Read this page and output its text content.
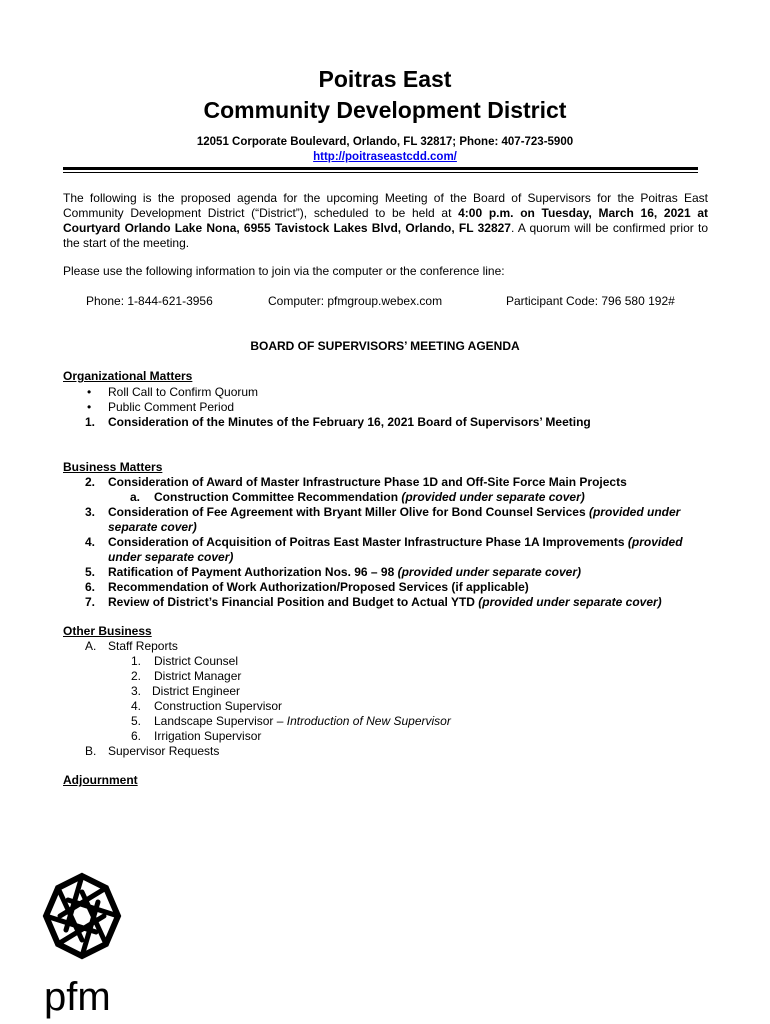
Poitras East
Community Development District
12051 Corporate Boulevard, Orlando, FL 32817; Phone: 407-723-5900
http://poitraseastcdd.com/
The following is the proposed agenda for the upcoming Meeting of the Board of Supervisors for the Poitras East Community Development District (“District”), scheduled to be held at 4:00 p.m. on Tuesday, March 16, 2021 at Courtyard Orlando Lake Nona, 6955 Tavistock Lakes Blvd, Orlando, FL 32827. A quorum will be confirmed prior to the start of the meeting.
Please use the following information to join via the computer or the conference line:
Phone: 1-844-621-3956	Computer: pfmgroup.webex.com	Participant Code: 796 580 192#
BOARD OF SUPERVISORS’ MEETING AGENDA
Organizational Matters
• Roll Call to Confirm Quorum
• Public Comment Period
1. Consideration of the Minutes of the February 16, 2021 Board of Supervisors’ Meeting
Business Matters
2. Consideration of Award of Master Infrastructure Phase 1D and Off-Site Force Main Projects
a. Construction Committee Recommendation (provided under separate cover)
3. Consideration of Fee Agreement with Bryant Miller Olive for Bond Counsel Services (provided under
separate cover)
4. Consideration of Acquisition of Poitras East Master Infrastructure Phase 1A Improvements (provided
under separate cover)
5. Ratification of Payment Authorization Nos. 96 – 98 (provided under separate cover)
6. Recommendation of Work Authorization/Proposed Services (if applicable)
7. Review of District’s Financial Position and Budget to Actual YTD (provided under separate cover)
Other Business
A. Staff Reports
1. District Counsel
2. District Manager
3. District Engineer
4. Construction Supervisor
5. Landscape Supervisor – Introduction of New Supervisor
6. Irrigation Supervisor
B. Supervisor Requests
Adjournment
pfm
